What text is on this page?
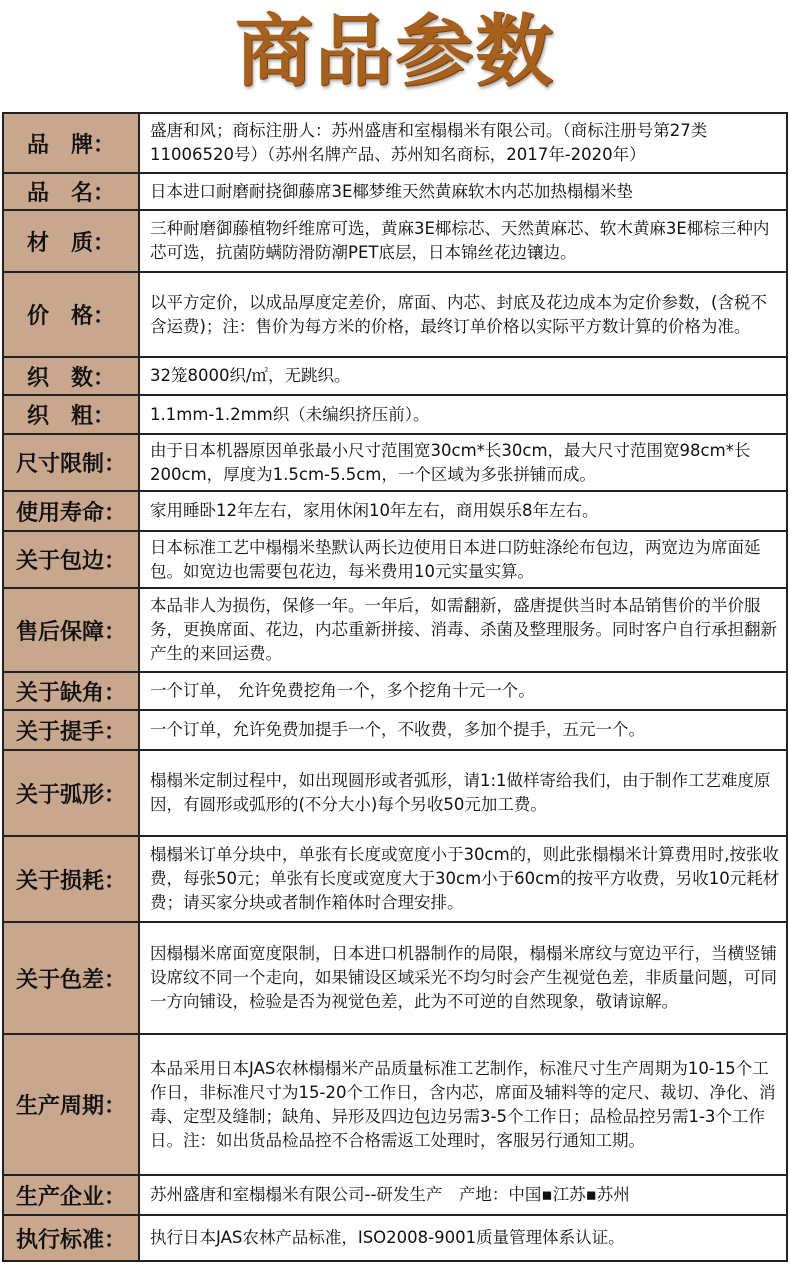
商品参数
品　牌：	盛唐和风；商标注册人：苏州盛唐和室榻榻米有限公司。（商标注册号第27类11006520号）（苏州名牌产品、苏州知名商标，2017年-2020年）
品　名：	日本进口耐磨耐挠御藤席3E椰梦维天然黄麻软木内芯加热榻榻米垫
材　质：	三种耐磨御藤植物纤维席可选，黄麻3E椰棕芯、天然黄麻芯、软木黄麻3E椰棕三种内芯可选，抗菌防螨防滑防潮PET底层，日本锦丝花边镶边。
价　格：	以平方定价，以成品厚度定差价，席面、内芯、封底及花边成本为定价参数，(含税不含运费)；注：售价为每方米的价格，最终订单价格以实际平方数计算的价格为准。
织　数：	32笼8000织/㎡，无跳织。
织　粗：	1.1mm-1.2mm织（未编织挤压前）。
尺寸限制：	由于日本机器原因单张最小尺寸范围宽30cm*长30cm，最大尺寸范围宽98cm*长200cm，厚度为1.5cm-5.5cm，一个区域为多张拼铺而成。
使用寿命：	家用睡卧12年左右，家用休闲10年左右，商用娱乐8年左右。
关于包边：	日本标准工艺中榻榻米垫默认两长边使用日本进口防蛀涤纶布包边，两宽边为席面延包。如宽边也需要包花边，每米费用10元实量实算。
售后保障：	本品非人为损伤，保修一年。一年后，如需翻新，盛唐提供当时本品销售价的半价服务，更换席面、花边，内芯重新拼接、消毒、杀菌及整理服务。同时客户自行承担翻新产生的来回运费。
关于缺角：	一个订单， 允许免费挖角一个，多个挖角十元一个。
关于提手：	一个订单，允许免费加提手一个，不收费，多加个提手，五元一个。
关于弧形：	榻榻米定制过程中，如出现圆形或者弧形，请1:1做样寄给我们，由于制作工艺难度原因，有圆形或弧形的(不分大小)每个另收50元加工费。
关于损耗：	榻榻米订单分块中，单张有长度或宽度小于30cm的，则此张榻榻米计算费用时,按张收费，每张50元；单张有长度或宽度大于30cm小于60cm的按平方收费，另收10元耗材费；请买家分块或者制作箱体时合理安排。
关于色差：	因榻榻米席面宽度限制，日本进口机器制作的局限，榻榻米席纹与宽边平行，当横竖铺设席纹不同一个走向，如果铺设区域采光不均匀时会产生视觉色差，非质量问题，可同一方向铺设，检验是否为视觉色差，此为不可逆的自然现象，敬请谅解。
生产周期：	本品采用日本JAS农林榻榻米产品质量标准工艺制作，标准尺寸生产周期为10-15个工作日，非标准尺寸为15-20个工作日，含内芯，席面及辅料等的定尺、裁切、净化、消毒、定型及缝制；缺角、异形及四边包边另需3-5个工作日；品检品控另需1-3个工作日。注：如出货品检品控不合格需返工处理时，客服另行通知工期。
生产企业：	苏州盛唐和室榻榻米有限公司--研发生产　产地：中国▪江苏▪苏州
执行标准：	执行日本JAS农林产品标准，ISO2008-9001质量管理体系认证。
